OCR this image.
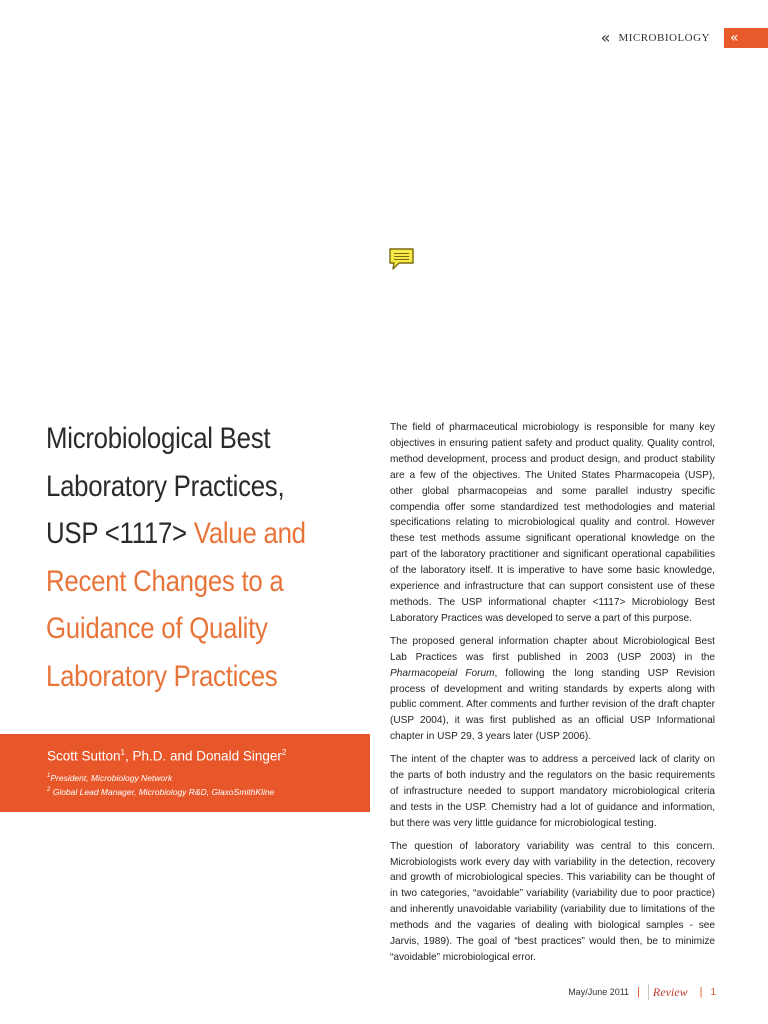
« MICROBIOLOGY	«
Microbiological Best Laboratory Practices, USP <1117> Value and Recent Changes to a Guidance of Quality Laboratory Practices
Scott Sutton$^1$, Ph.D. and Donald Singer$^2$
$^1$President, Microbiology Network
$^2$ Global Lead Manager, Microbiology R&D, GlaxoSmithKline

The field of pharmaceutical microbiology is responsible for many key objectives in ensuring patient safety and product quality. Quality control, method development, process and product design, and product stability are a few of the objectives. The United States Pharmacopeia (USP), other global pharmacopeias and some parallel industry specific compendia offer some standardized test methodologies and material specifications relating to microbiological quality and control. However these test methods assume significant operational knowledge on the part of the laboratory practitioner and significant operational capabilities of the laboratory itself. It is imperative to have some basic knowledge, experience and infrastructure that can support consistent use of these methods. The USP informational chapter <1117> Microbiology Best Laboratory Practices was developed to serve a part of this purpose.

The proposed general information chapter about Microbiological Best Lab Practices was first published in 2003 (USP 2003) in the Pharmacopeial Forum, following the long standing USP Revision process of development and writing standards by experts along with public comment. After comments and further revision of the draft chapter (USP 2004), it was first published as an official USP Informational chapter in USP 29, 3 years later (USP 2006).

The intent of the chapter was to address a perceived lack of clarity on the parts of both industry and the regulators on the basic requirements of infrastructure needed to support mandatory microbiological criteria and tests in the USP. Chemistry had a lot of guidance and information, but there was very little guidance for microbiological testing.

The question of laboratory variability was central to this concern. Microbiologists work every day with variability in the detection, recovery and growth of microbiological species. This variability can be thought of in two categories, “avoidable” variability (variability due to poor practice) and inherently unavoidable variability (variability due to limitations of the methods and the vagaries of dealing with biological samples - see Jarvis, 1989). The goal of “best practices” would then, be to minimize “avoidable” microbiological error.

May/June 2011 | Review | 1
